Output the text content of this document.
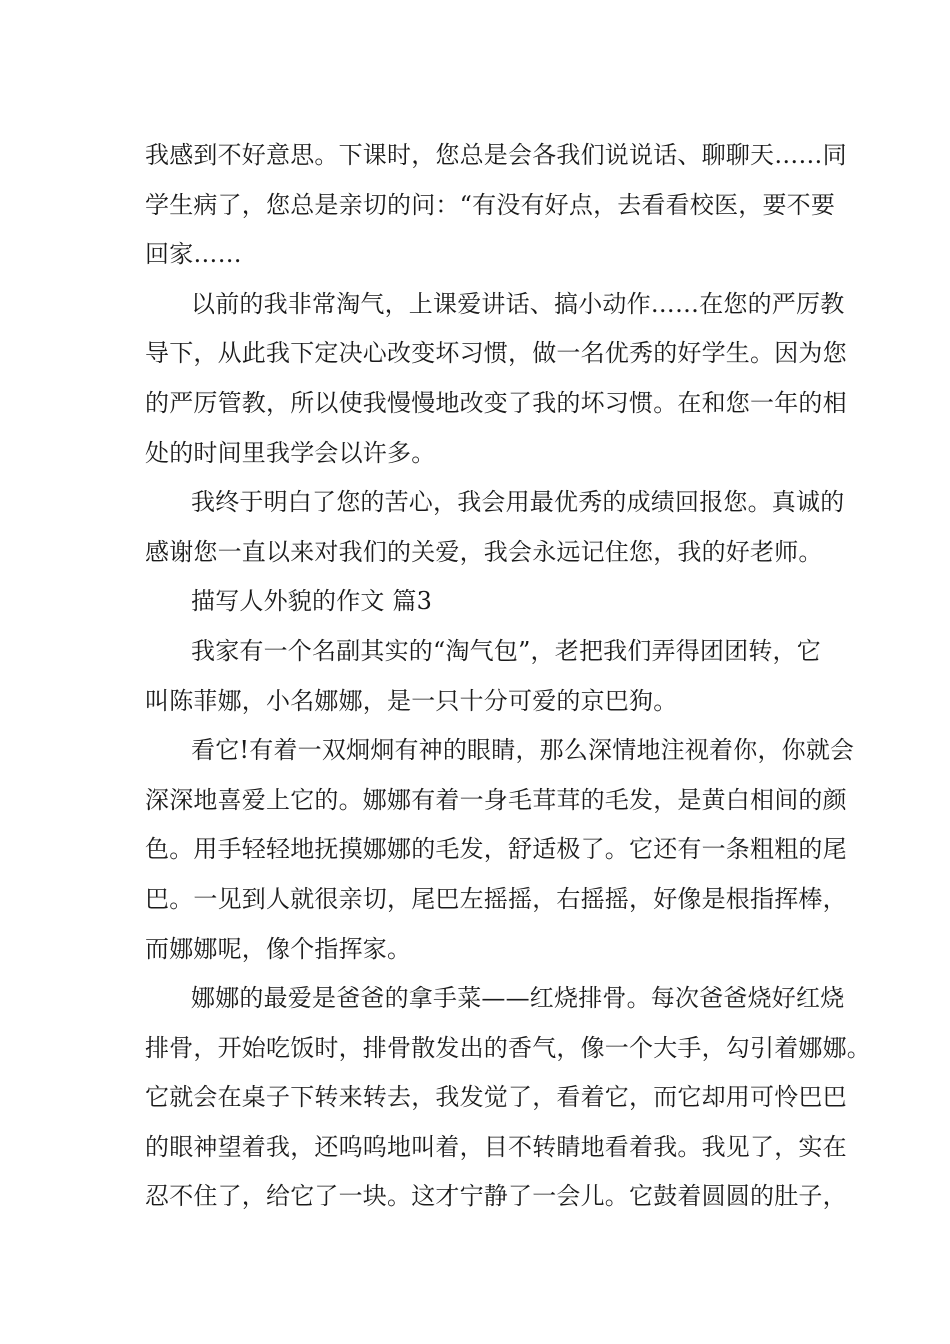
我感到不好意思。下课时，您总是会各我们说说话、聊聊天……同
学生病了，您总是亲切的问：“有没有好点，去看看校医，要不要
回家……
以前的我非常淘气，上课爱讲话、搞小动作……在您的严厉教
导下，从此我下定决心改变坏习惯，做一名优秀的好学生。因为您
的严厉管教，所以使我慢慢地改变了我的坏习惯。在和您一年的相
处的时间里我学会以许多。
我终于明白了您的苦心，我会用最优秀的成绩回报您。真诚的
感谢您一直以来对我们的关爱，我会永远记住您，我的好老师。
描写人外貌的作文 篇3
我家有一个名副其实的“淘气包”，老把我们弄得团团转，它
叫陈菲娜，小名娜娜，是一只十分可爱的京巴狗。
看它!有着一双炯炯有神的眼睛，那么深情地注视着你，你就会
深深地喜爱上它的。娜娜有着一身毛茸茸的毛发，是黄白相间的颜
色。用手轻轻地抚摸娜娜的毛发，舒适极了。它还有一条粗粗的尾
巴。一见到人就很亲切，尾巴左摇摇，右摇摇，好像是根指挥棒，
而娜娜呢，像个指挥家。
娜娜的最爱是爸爸的拿手菜——红烧排骨。每次爸爸烧好红烧
排骨，开始吃饭时，排骨散发出的香气，像一个大手，勾引着娜娜。
它就会在桌子下转来转去，我发觉了，看着它，而它却用可怜巴巴
的眼神望着我，还呜呜地叫着，目不转睛地看着我。我见了，实在
忍不住了，给它了一块。这才宁静了一会儿。它鼓着圆圆的肚子，
